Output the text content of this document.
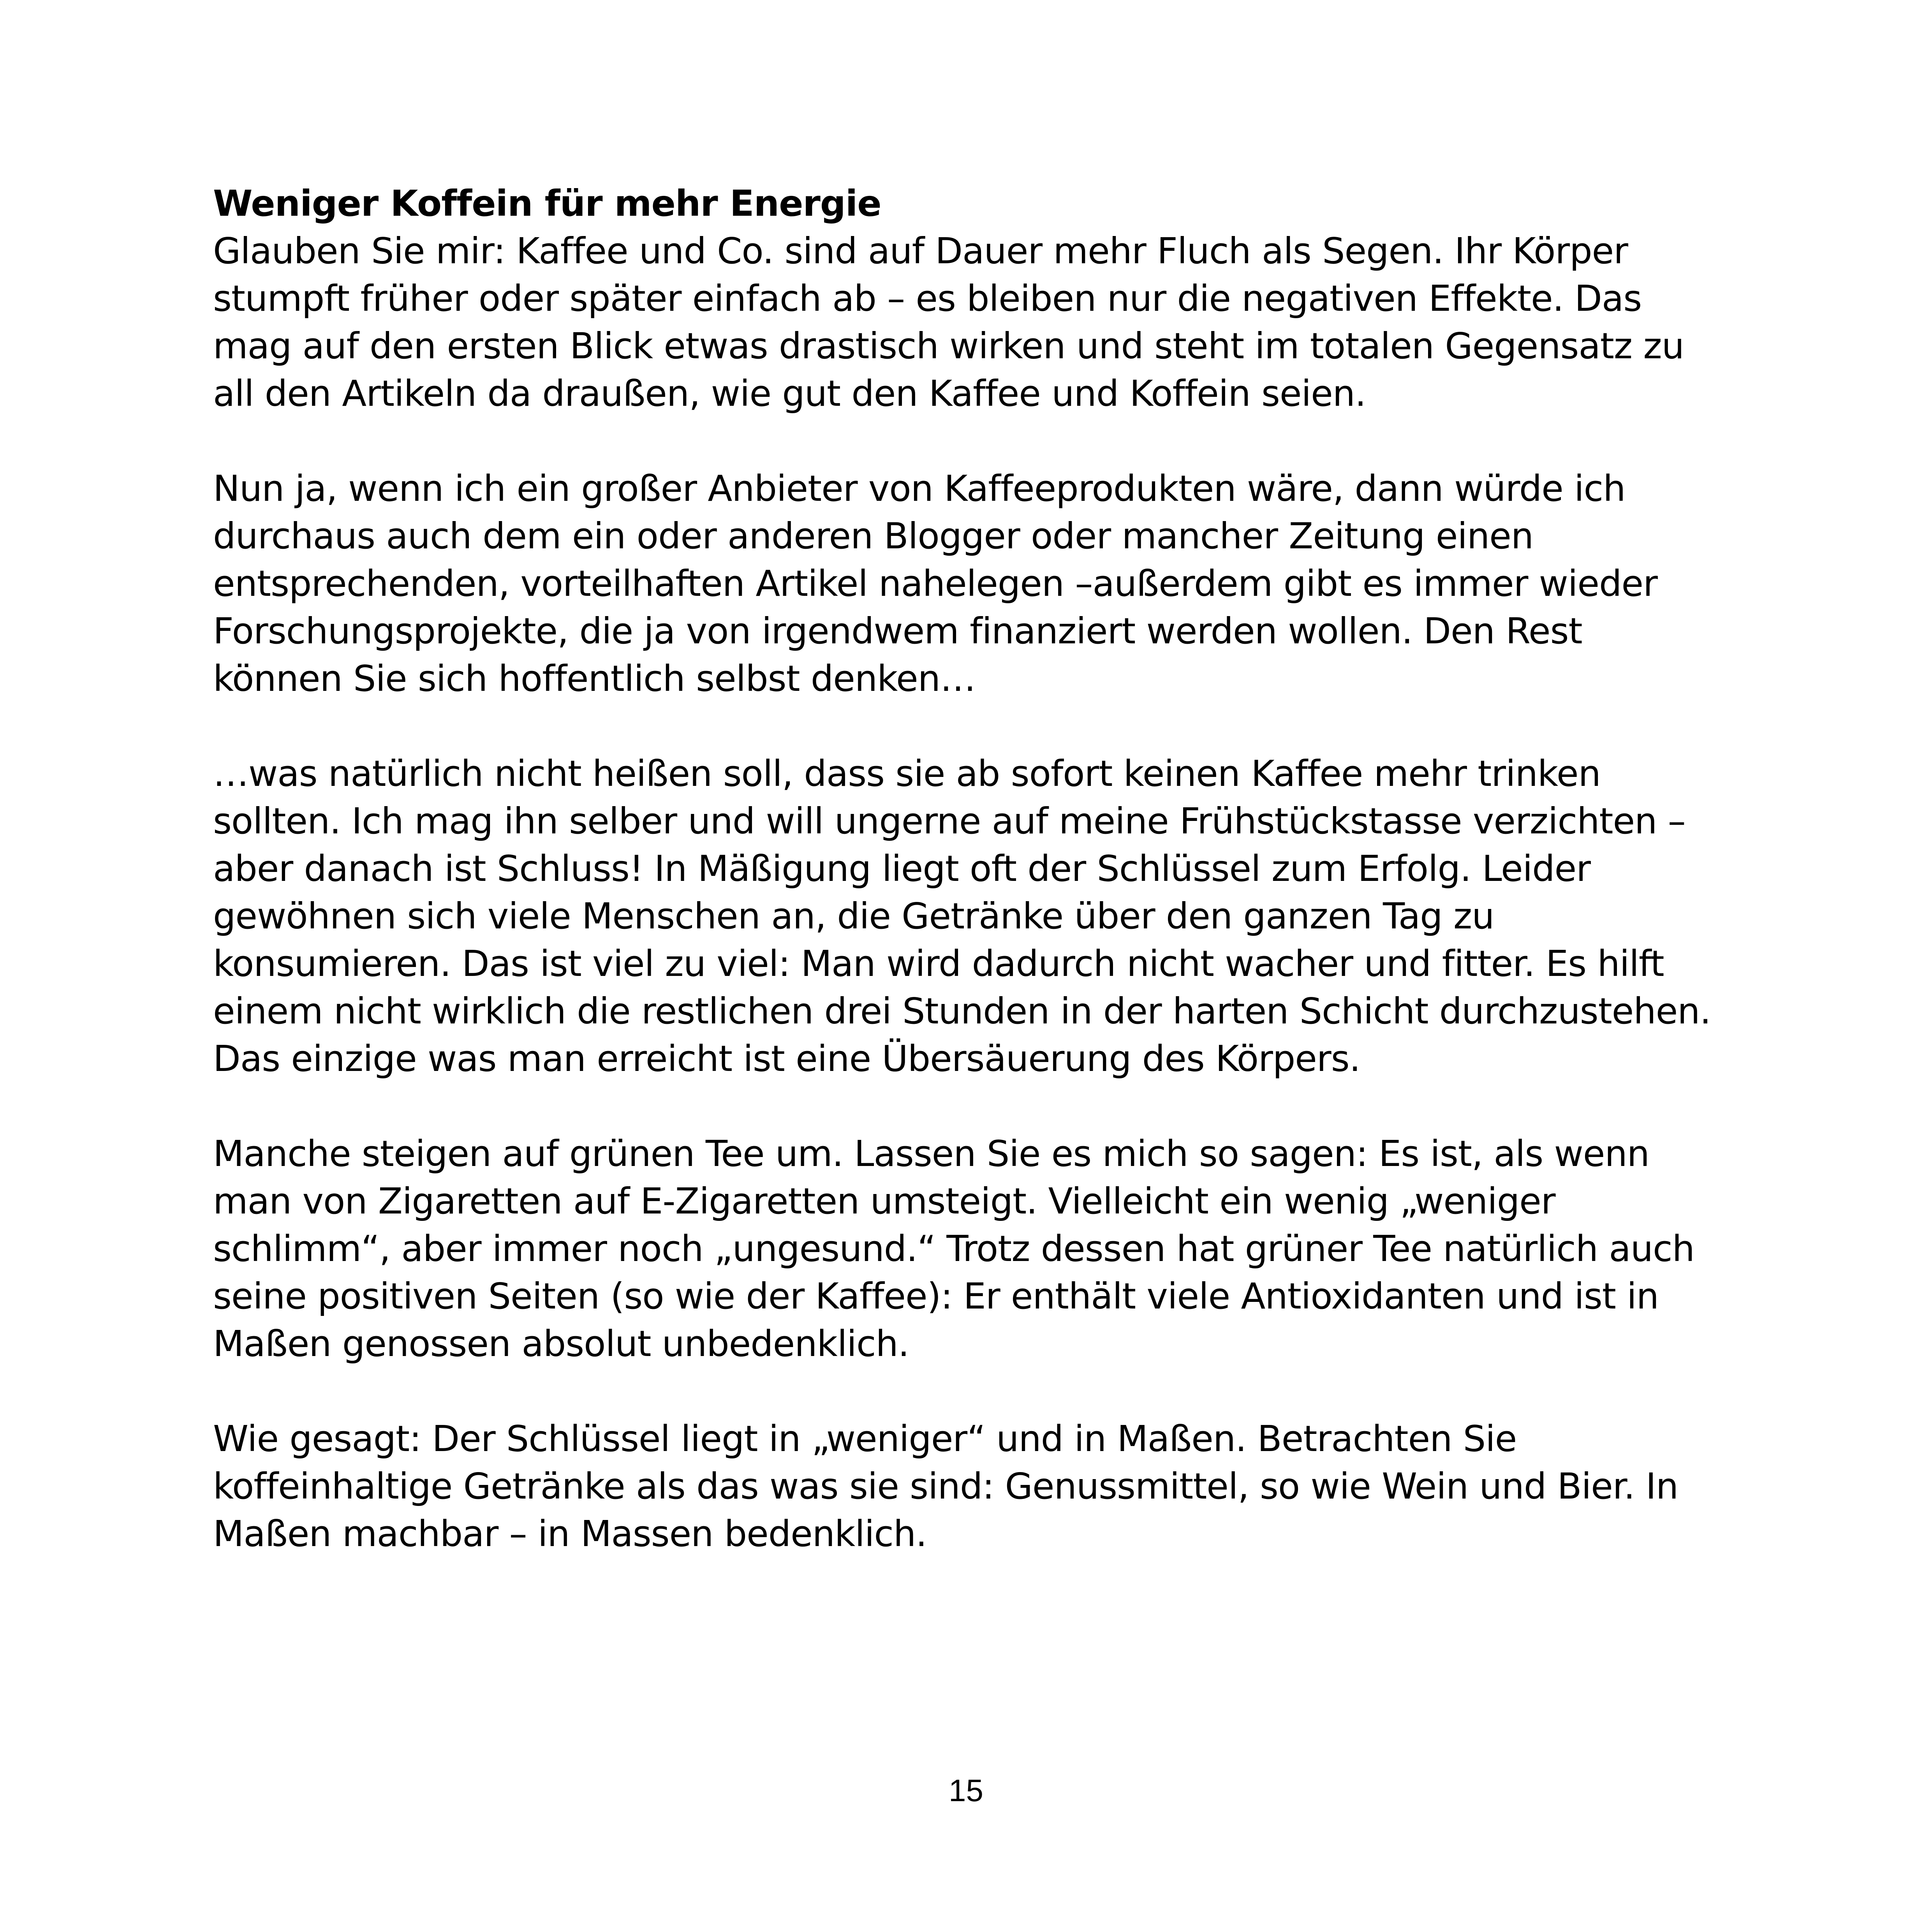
Weniger Koffein für mehr Energie
Glauben Sie mir: Kaffee und Co. sind auf Dauer mehr Fluch als Segen. Ihr Körper
stumpft früher oder später einfach ab – es bleiben nur die negativen Effekte. Das
mag auf den ersten Blick etwas drastisch wirken und steht im totalen Gegensatz zu
all den Artikeln da draußen, wie gut den Kaffee und Koffein seien.
Nun ja, wenn ich ein großer Anbieter von Kaffeeprodukten wäre, dann würde ich
durchaus auch dem ein oder anderen Blogger oder mancher Zeitung einen
entsprechenden, vorteilhaften Artikel nahelegen –außerdem gibt es immer wieder
Forschungsprojekte, die ja von irgendwem finanziert werden wollen. Den Rest
können Sie sich hoffentlich selbst denken…
…was natürlich nicht heißen soll, dass sie ab sofort keinen Kaffee mehr trinken
sollten. Ich mag ihn selber und will ungerne auf meine Frühstückstasse verzichten –
aber danach ist Schluss! In Mäßigung liegt oft der Schlüssel zum Erfolg. Leider
gewöhnen sich viele Menschen an, die Getränke über den ganzen Tag zu
konsumieren. Das ist viel zu viel: Man wird dadurch nicht wacher und fitter. Es hilft
einem nicht wirklich die restlichen drei Stunden in der harten Schicht durchzustehen.
Das einzige was man erreicht ist eine Übersäuerung des Körpers.
Manche steigen auf grünen Tee um. Lassen Sie es mich so sagen: Es ist, als wenn
man von Zigaretten auf E-Zigaretten umsteigt. Vielleicht ein wenig „weniger
schlimm“, aber immer noch „ungesund.“ Trotz dessen hat grüner Tee natürlich auch
seine positiven Seiten (so wie der Kaffee): Er enthält viele Antioxidanten und ist in
Maßen genossen absolut unbedenklich.
Wie gesagt: Der Schlüssel liegt in „weniger“ und in Maßen. Betrachten Sie
koffeinhaltige Getränke als das was sie sind: Genussmittel, so wie Wein und Bier. In
Maßen machbar – in Massen bedenklich.
15
